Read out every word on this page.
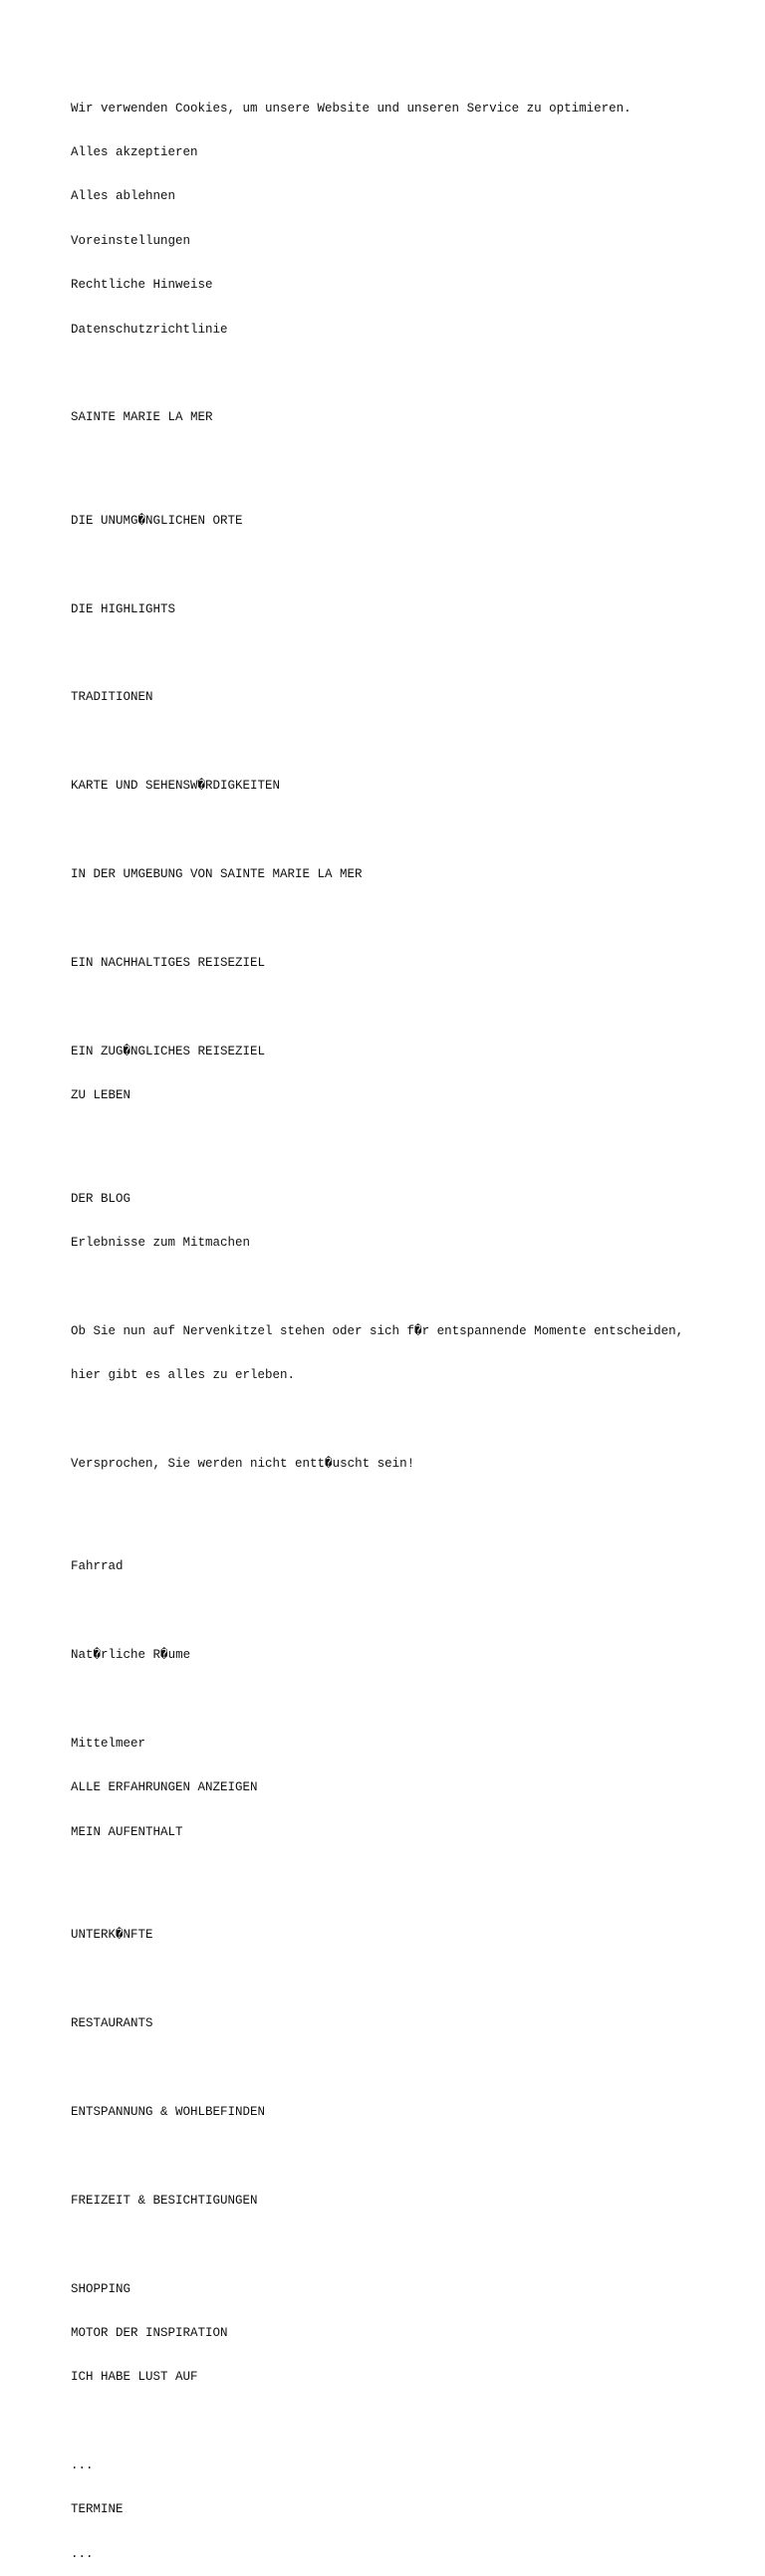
Wir verwenden Cookies, um unsere Website und unseren Service zu optimieren.

Alles akzeptieren

Alles ablehnen

Voreinstellungen

Rechtliche Hinweise

Datenschutzrichtlinie

SAINTE MARIE LA MER

DIE UNUMG�NGLICHEN ORTE

DIE HIGHLIGHTS

TRADITIONEN

KARTE UND SEHENSW�RDIGKEITEN

IN DER UMGEBUNG VON SAINTE MARIE LA MER

EIN NACHHALTIGES REISEZIEL

EIN ZUG�NGLICHES REISEZIEL

ZU LEBEN

DER BLOG

Erlebnisse zum Mitmachen

Ob Sie nun auf Nervenkitzel stehen oder sich f�r entspannende Momente entscheiden,

hier gibt es alles zu erleben.

Versprochen, Sie werden nicht entt�uscht sein!

Fahrrad

Nat�rliche R�ume

Mittelmeer

ALLE ERFAHRUNGEN ANZEIGEN

MEIN AUFENTHALT

UNTERK�NFTE

RESTAURANTS

ENTSPANNUNG & WOHLBEFINDEN

FREIZEIT & BESICHTIGUNGEN

SHOPPING

MOTOR DER INSPIRATION

ICH HABE LUST AUF

...

TERMINE

...
